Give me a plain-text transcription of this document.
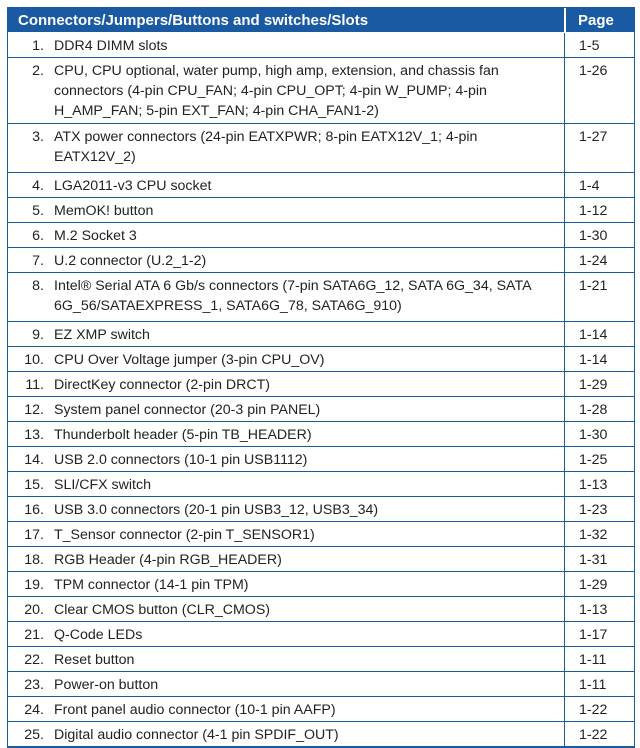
Connectors/Jumpers/Buttons and switches/Slots		Page
1.	DDR4 DIMM slots	1-5
2.	CPU, CPU optional, water pump, high amp, extension, and chassis fan connectors (4-pin CPU_FAN; 4-pin CPU_OPT; 4-pin W_PUMP; 4-pin H_AMP_FAN; 5-pin EXT_FAN; 4-pin CHA_FAN1-2)	1-26
3.	ATX power connectors (24-pin EATXPWR; 8-pin EATX12V_1; 4-pin EATX12V_2)	1-27
4.	LGA2011-v3 CPU socket	1-4
5.	MemOK! button	1-12
6.	M.2 Socket 3	1-30
7.	U.2 connector (U.2_1-2)	1-24
8.	Intel® Serial ATA 6 Gb/s connectors (7-pin SATA6G_12, SATA 6G_34, SATA 6G_56/SATAEXPRESS_1, SATA6G_78, SATA6G_910)	1-21
9.	EZ XMP switch	1-14
10.	CPU Over Voltage jumper (3-pin CPU_OV)	1-14
11.	DirectKey connector (2-pin DRCT)	1-29
12.	System panel connector (20-3 pin PANEL)	1-28
13.	Thunderbolt header (5-pin TB_HEADER)	1-30
14.	USB 2.0 connectors (10-1 pin USB1112)	1-25
15.	SLI/CFX switch	1-13
16.	USB 3.0 connectors (20-1 pin USB3_12, USB3_34)	1-23
17.	T_Sensor connector (2-pin T_SENSOR1)	1-32
18.	RGB Header (4-pin RGB_HEADER)	1-31
19.	TPM connector (14-1 pin TPM)	1-29
20.	Clear CMOS button (CLR_CMOS)	1-13
21.	Q-Code LEDs	1-17
22.	Reset button	1-11
23.	Power-on button	1-11
24.	Front panel audio connector (10-1 pin AAFP)	1-22
25.	Digital audio connector (4-1 pin SPDIF_OUT)	1-22
